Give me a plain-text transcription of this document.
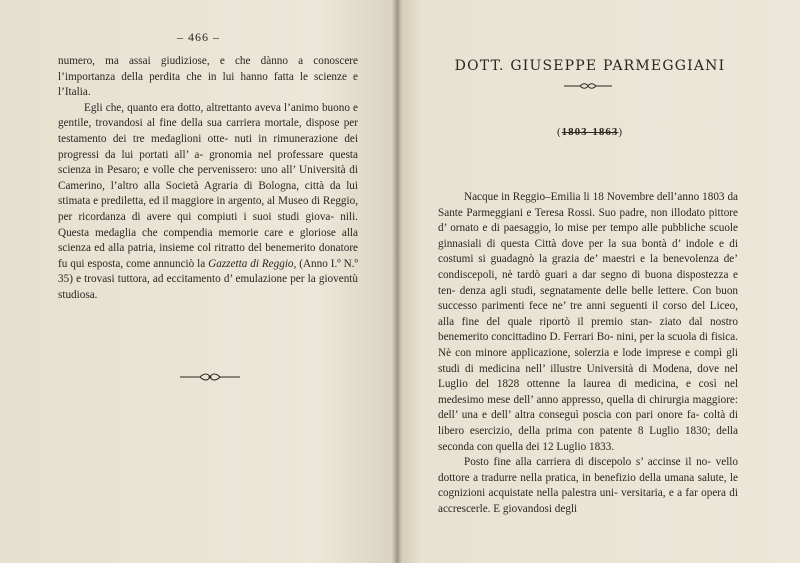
– 466 –

numero, ma assai giudiziose, e che dànno a conoscere l’importanza della perdita che in lui hanno fatta le scienze e l’Italia.

Egli che, quanto era dotto, altrettanto aveva l’animo buono e gentile, trovandosi al fine della sua carriera mortale, dispose per testamento dei tre medaglioni otte- nuti in rimunerazione dei progressi da lui portati all’ a- gronomia nel professare questa scienza in Pesaro; e volle che pervenissero: uno all’ Università di Camerino, l’altro alla Società Agraria di Bologna, città da lui stimata e prediletta, ed il maggiore in argento, al Museo di Reggio, per ricordanza di avere qui compiuti i suoi studi giova- nili. Questa medaglia che compendia memorie care e gloriose alla scienza ed alla patria, insieme col ritratto del benemerito donatore fu qui esposta, come annunciò la Gazzetta di Reggio, (Anno I.º N.º 35) e trovasi tuttora, ad eccitamento d’ emulazione per la gioventù studiosa.

DOTT. GIUSEPPE PARMEGGIANI
(1803-1863)

Nacque in Reggio–Emilia li 18 Novembre dell’anno 1803 da Sante Parmeggiani e Teresa Rossi. Suo padre, non illodato pittore d’ ornato e di paesaggio, lo mise per tempo alle pubbliche scuole ginnasiali di questa Città dove per la sua bontà d’ indole e di costumi si guadagnò la grazia de’ maestri e la benevolenza de’ condiscepoli, nè tardò guari a dar segno di buona dispostezza e ten- denza agli studi, segnatamente delle belle lettere. Con buon successo parimenti fece ne’ tre anni seguenti il corso del Liceo, alla fine del quale riportò il premio stan- ziato dal nostro benemerito concittadino D. Ferrari Bo- nini, per la scuola di fisica. Nè con minore applicazione, solerzia e lode imprese e compì gli studi di medicina nell’ illustre Università di Modena, dove nel Luglio del 1828 ottenne la laurea di medicina, e così nel medesimo mese dell’ anno appresso, quella di chirurgia maggiore: dell’ una e dell’ altra conseguì poscia con pari onore fa- coltà di libero esercizio, della prima con patente 8 Luglio 1830; della seconda con quella dei 12 Luglio 1833.

Posto fine alla carriera di discepolo s’ accinse il no- vello dottore a tradurre nella pratica, in benefizio della umana salute, le cognizioni acquistate nella palestra uni- versitaria, e a far opera di accrescerle. E giovandosi degli
